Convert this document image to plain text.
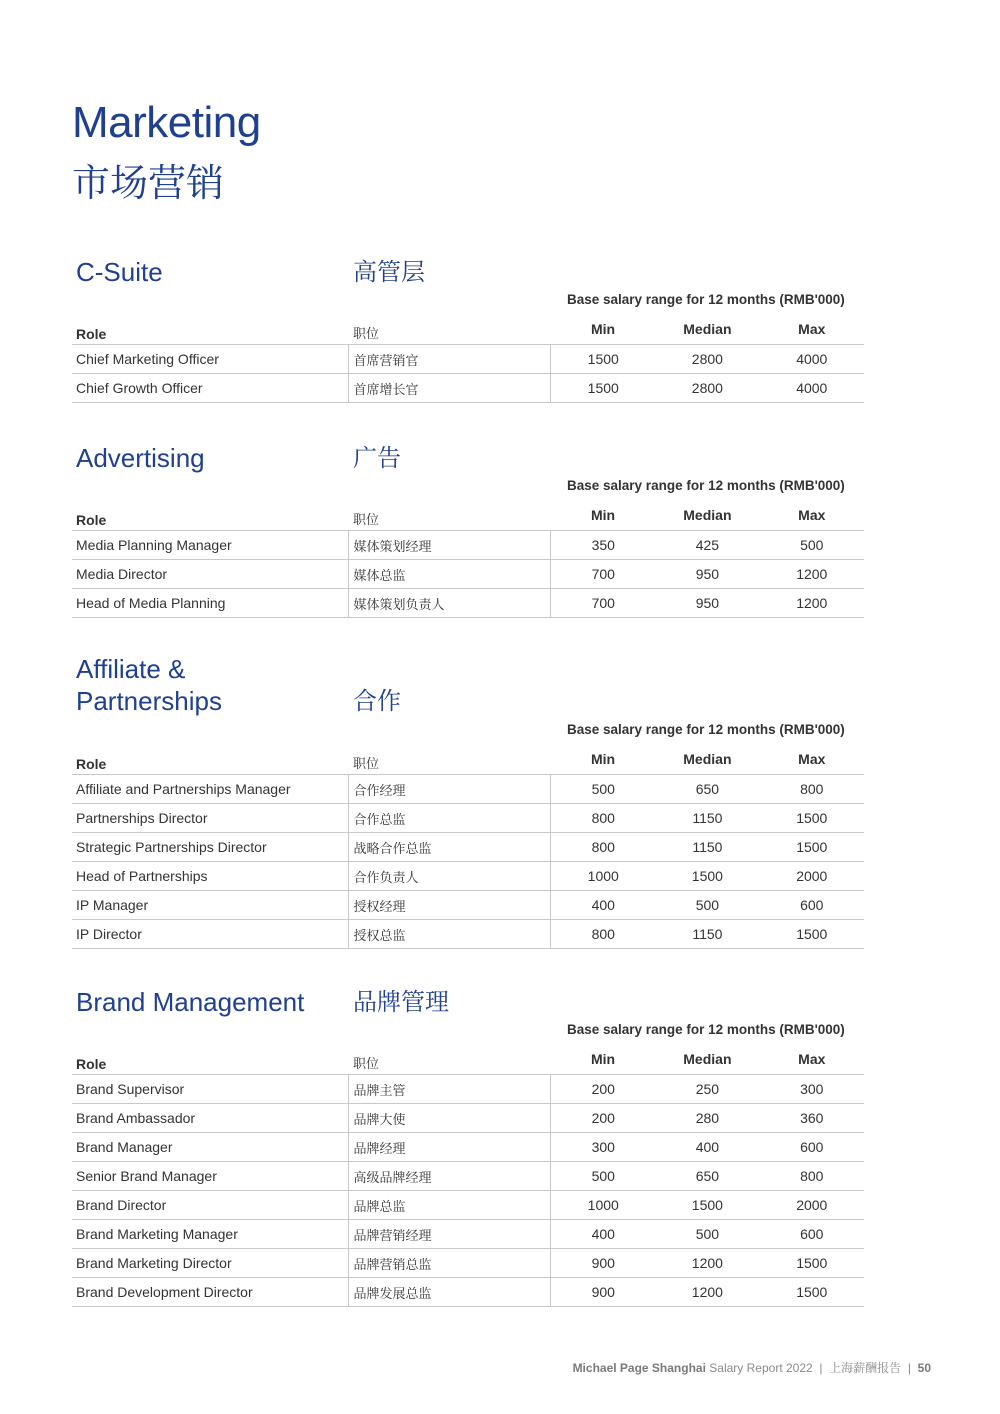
Marketing
市场营销
C-Suite	高管层
Base salary range for 12 months (RMB'000)
Role	职位	Min	Median	Max
Chief Marketing Officer	首席营销官	1500	2800	4000
Chief Growth Officer	首席增长官	1500	2800	4000
Advertising	广告
Base salary range for 12 months (RMB'000)
Role	职位	Min	Median	Max
Media Planning Manager	媒体策划经理	350	425	500
Media Director	媒体总监	700	950	1200
Head of Media Planning	媒体策划负责人	700	950	1200
Affiliate &
Partnerships	合作
Base salary range for 12 months (RMB'000)
Role	职位	Min	Median	Max
Affiliate and Partnerships Manager	合作经理	500	650	800
Partnerships Director	合作总监	800	1150	1500
Strategic Partnerships Director	战略合作总监	800	1150	1500
Head of Partnerships	合作负责人	1000	1500	2000
IP Manager	授权经理	400	500	600
IP Director	授权总监	800	1150	1500
Brand Management 品牌管理
Base salary range for 12 months (RMB'000)
Role	职位	Min	Median	Max
Brand Supervisor	品牌主管	200	250	300
Brand Ambassador	品牌大使	200	280	360
Brand Manager	品牌经理	300	400	600
Senior Brand Manager	高级品牌经理	500	650	800
Brand Director	品牌总监	1000	1500	2000
Brand Marketing Manager	品牌营销经理	400	500	600
Brand Marketing Director	品牌营销总监	900	1200	1500
Brand Development Director	品牌发展总监	900	1200	1500
Michael Page Shanghai Salary Report 2022 | 上海薪酬报告 | 50
